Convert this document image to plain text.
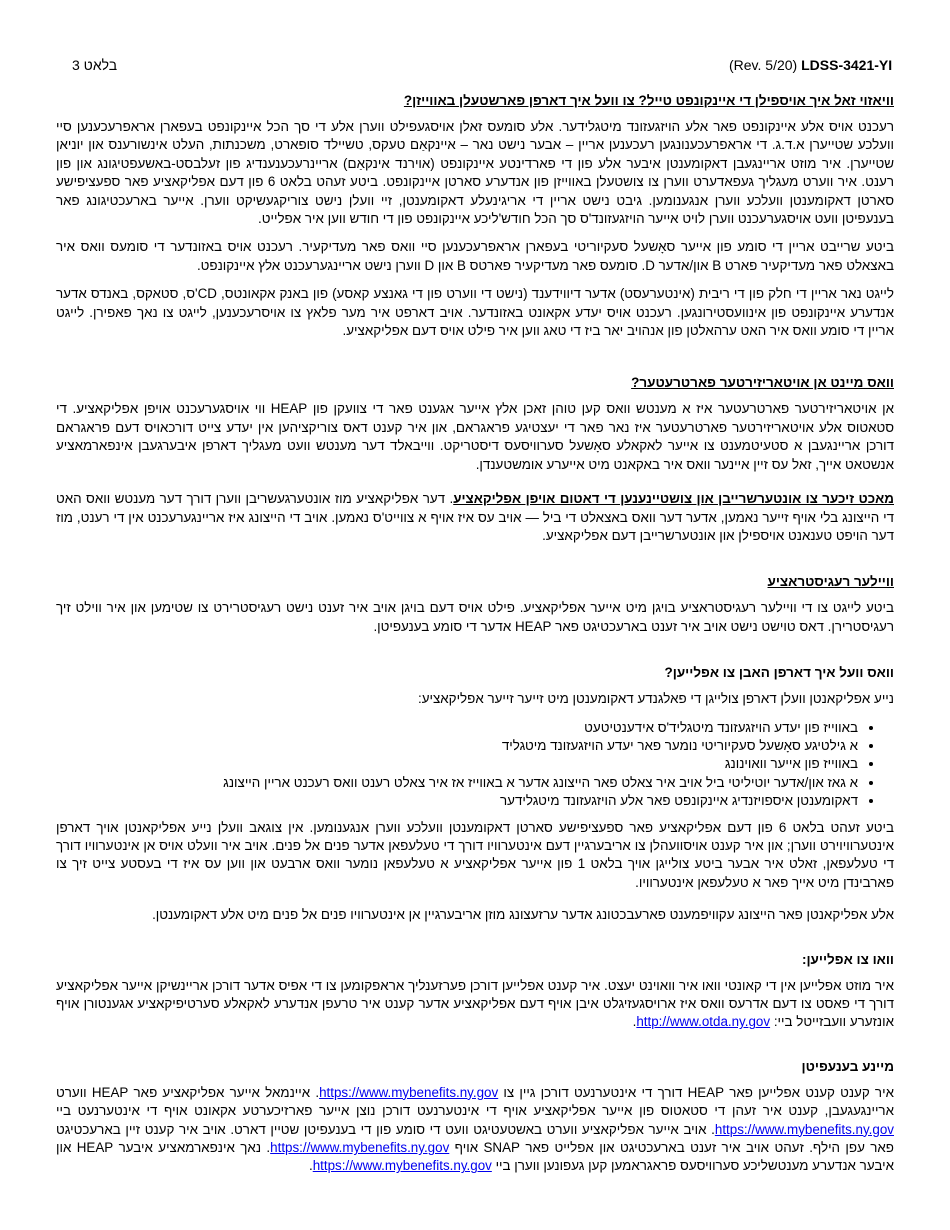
(Rev. 5/20) LDSS-3421-YI
בלאט 3
וויאזוי זאל איך אויספילן די איינקונפט טייל? צו וועל איך דארפן פארשטעלן באווייזן?

רעכנט אויס אלע איינקונפט פאר אלע הויזגעזונד מיטגלידער. אלע סומעס זאלן אויסגעפילט ווערן אלע די סך הכל איינקונפט בעפארן אראפרעכענען סיי וועלכע שטייערן א.ד.ג. די אראפרעכענונגען רעכענען אריין – אבער נישט נאר – איינקאַם טעקס, טשיילד סופארט, משכנתות, העלט אינשורענס און יוניאן שטייערן. איר מוזט אריינגעבן דאקומענטן איבער אלע פון די פארדינטע איינקונפט (אוירנד אינקאַם) אריינרעכענענדיג פון זעלבסט-באשעפטיגונג און פון רענט. איר ווערט מעגליך געפאדערט ווערן צו צושטעלן באווייזן פון אנדערע סארטן איינקונפט. ביטע זעהט בלאט 6 פון דעם אפליקאציע פאר ספעציפישע סארטן דאקומענטן וועלכע ווערן אנגענומען. גיבט נישט אריין די אריגינעלע דאקומענטן, זיי וועלן נישט צוריקגעשיקט ווערן. אייער בארעכטיגונג פאר בענעפיטן וועט אויסגערעכנט ווערן לויט אייער הויזגעזונד'ס סך הכל חודש'ליכע איינקונפט פון די חודש ווען איר אפלייט.

ביטע שרייבט אריין די סומע פון אייער סאָשעל סעקיוריטי בעפארן אראפרעכענען סיי וואס פאר מעדיקעיר. רעכנט אויס באזונדער די סומעס וואס איר באצאלט פאר מעדיקעיר פארט B און/אדער D. סומעס פאר מעדיקעיר פארטס B און D ווערן נישט אריינגערעכנט אלץ איינקונפט.

לייגט נאר אריין די חלק פון די ריבית (אינטערעסט) אדער דיווידענד (נישט די ווערט פון די גאנצע קאסע) פון באנק אקאונטס, CD'ס, סטאקס, באנדס אדער אנדערע איינקונפט פון אינוועסטירונגען. רעכנט אויס יעדע אקאונט באזונדער. אויב דארפט איר מער פלאץ צו אויסרעכענען, לייגט צו נאך פאפירן. לייגט אריין די סומע וואס איר האט ערהאלטן פון אנהויב יאר ביז די טאג ווען איר פילט אויס דעם אפליקאציע.

וואס מיינט אן אויטאריזירטער פארטרעטער?

אן אויטאריזירטער פארטרעטער איז א מענטש וואס קען טוהן זאכן אלץ אייער אגענט פאר די צוועקן פון HEAP ווי אויסגערעכנט אויפן אפליקאציע. די סטאטוס אלע אויטאריזירטער פארטרעטער איז נאר פאר די יעצטיגע פראגראם, און איר קענט דאס צוריקציהען אין יעדע צייט דורכאויס דעם פראגראם דורכן אריינגעבן א סטעיטמענט צו אייער לאקאלע סאָשעל סערוויסעס דיסטריקט. ווײבאלד דער מענטש וועט מעגליך דארפן איבערגעבן אינפארמאציע אנשטאט אייך, זאל עס זיין איינער וואס איר באקאנט מיט אייערע אומשטענדן.

מאכט זיכער צו אונטערשרייבן און צושטיינענען די דאטום אויפן אפליקאציע. דער אפליקאציע מוז אונטערגעשריבן ווערן דורך דער מענטש וואס האט די הייצונג בלי אויף זייער נאמען, אדער דער וואס באצאלט די ביל — אויב עס איז אויף א צווייט'ס נאמען. אויב די הייצונג איז אריינגערעכנט אין די רענט, מוז דער הויפט טענאנט אויספילן און אונטערשרייבן דעם אפליקאציע.

וויילער רעגיסטראציע

ביטע לייגט צו די וויילער רעגיסטראציע בויגן מיט אייער אפליקאציע. פילט אויס דעם בויגן אויב איר זענט נישט רעגיסטרירט צו שטימען און איר ווילט זיך רעגיסטרירן. דאס טוישט נישט אויב איר זענט בארעכטיגט פאר HEAP אדער די סומע בענעפיטן.

וואס וועל איך דארפן האבן צו אפלייען?

נייע אפליקאנטן וועלן דארפן צולייגן די פאלגנדע דאקומענטן מיט זייער זייער אפליקאציע:

• באווייז פון יעדע הויזגעזונד מיטגליד'ס אידענטיטעט
• א גילטיגע סאָשעל סעקיוריטי נומער פאר יעדע הויזגעזונד מיטגליד
• באווייז פון אייער וואוינונג
• א גאז און/אדער יוטיליטי ביל אויב איר צאלט פאר הייצונג אדער א באווייז אז איר צאלט רענט וואס רעכנט אריין הייצונג
• דאקומענטן איספויזנדיג איינקונפט פאר אלע הויזגעזונד מיטגלידער

ביטע זעהט בלאט 6 פון דעם אפליקאציע פאר ספעציפישע סארטן דאקומענטן וועלכע ווערן אנגענומען. אין צוגאב וועלן נייע אפליקאנטן אויך דארפן אינטערוויוירט ווערן; און איר קענט אויסוועהלן צו אריבערגיין דעם אינטערוויו דורך די טעלעפאן אדער פנים אל פנים. אויב איר וועלט אויס אן אינטערוויו דורך די טעלעפאן, זאלט איר אבער ביטע צולייגן אויך בלאט 1 פון אייער אפליקאציע א טעלעפאן נומער וואס ארבעט און ווען עס איז די בעסטע צייט זיך צו פארבינדן מיט אייך פאר א טעלעפאן אינטערוויו.

אלע אפליקאנטן פאר הייצונג עקוויפמענט פארעבכטונג אדער ערזעצונג מוזן אריבערגיין אן אינטערוויו פנים אל פנים מיט אלע דאקומענטן.

וואו צו אפלייען:

איר מוזט אפלייען אין די קאונטי וואו איר וואוינט יעצט. איר קענט אפלייען דורכן פערזענליך אראפקומען צו די אפיס אדער דורכן אריינשיקן אייער אפליקאציע דורך די פאסט צו דעם אדרעס וואס איז ארויסגעזיגלט איבן אויף דעם אפליקאציע אדער קענט איר טרעפן אנדערע לאקאלע סערטיפיקאציע אגענטורן אויף אונזערע וועבזייטל ביי: http://www.otda.ny.gov.

מיינע בענעפיטן

איר קענט קענט אפלייען פאר HEAP דורך די אינטערנעט דורכן גיין צו https://www.mybenefits.ny.gov. איינמאל אייער אפליקאציע פאר HEAP ווערט אריינגעגעבן, קענט איר זעהן די סטאטוס פון אייער אפליקאציע אויף די אינטערנעט דורכן נוצן אייער פארזיכערטע אקאונט אויף די אינטערנעט ביי https://www.mybenefits.ny.gov. אויב אייער אפליקאציע ווערט באשטעטיגט וועט די סומע פון די בענעפיטן שטיין דארט. אויב איר קענט זיין בארעכטיגט פאר עפן הילף. זעהט אויב איר זענט בארעכטיגט און אפלייט פאר SNAP אויף https://www.mybenefits.ny.gov. נאך אינפארמאציע איבער HEAP און איבער אנדערע מענטשליכע סערוויסעס פראגראמען קען געפונען ווערן ביי https://www.mybenefits.ny.gov.
